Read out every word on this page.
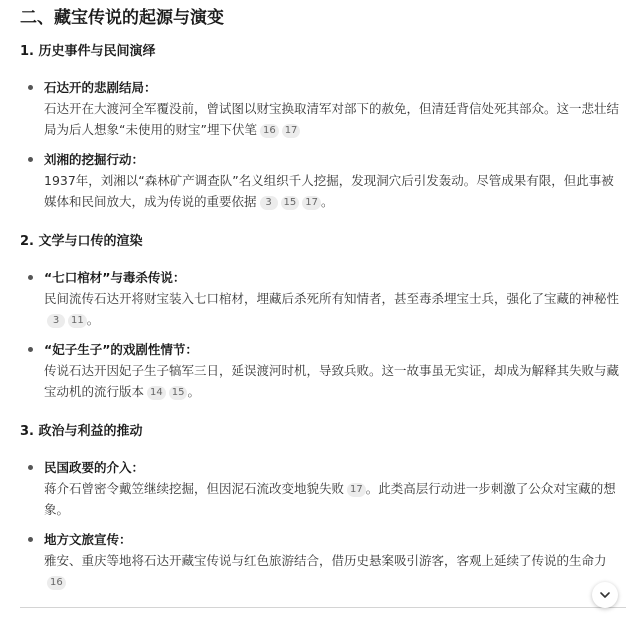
二、藏宝传说的起源与演变
1. 历史事件与民间演绎
石达开的悲剧结局：

石达开在大渡河全军覆没前，曾试图以财宝换取清军对部下的赦免，但清廷背信处死其部众。这一悲壮结局为后人想象“未使用的财宝”埋下伏笔 16 17

刘湘的挖掘行动：

1937年，刘湘以“森林矿产调查队”名义组织千人挖掘，发现洞穴后引发轰动。尽管成果有限，但此事被媒体和民间放大，成为传说的重要依据 3 15 17 。

2. 文学与口传的渲染
“七口棺材”与毒杀传说：

民间流传石达开将财宝装入七口棺材，埋藏后杀死所有知情者，甚至毒杀埋宝士兵，强化了宝藏的神秘性3 11 。

“妃子生子”的戏剧性情节：

传说石达开因妃子生子犒军三日，延误渡河时机，导致兵败。这一故事虽无实证，却成为解释其失败与藏宝动机的流行版本 14 15 。

3. 政治与利益的推动
民国政要的介入：

蒋介石曾密令戴笠继续挖掘，但因泥石流改变地貌失败 17 。此类高层行动进一步刺激了公众对宝藏的想象。

地方文旅宣传：

雅安、重庆等地将石达开藏宝传说与红色旅游结合，借历史悬案吸引游客，客观上延续了传说的生命力16
